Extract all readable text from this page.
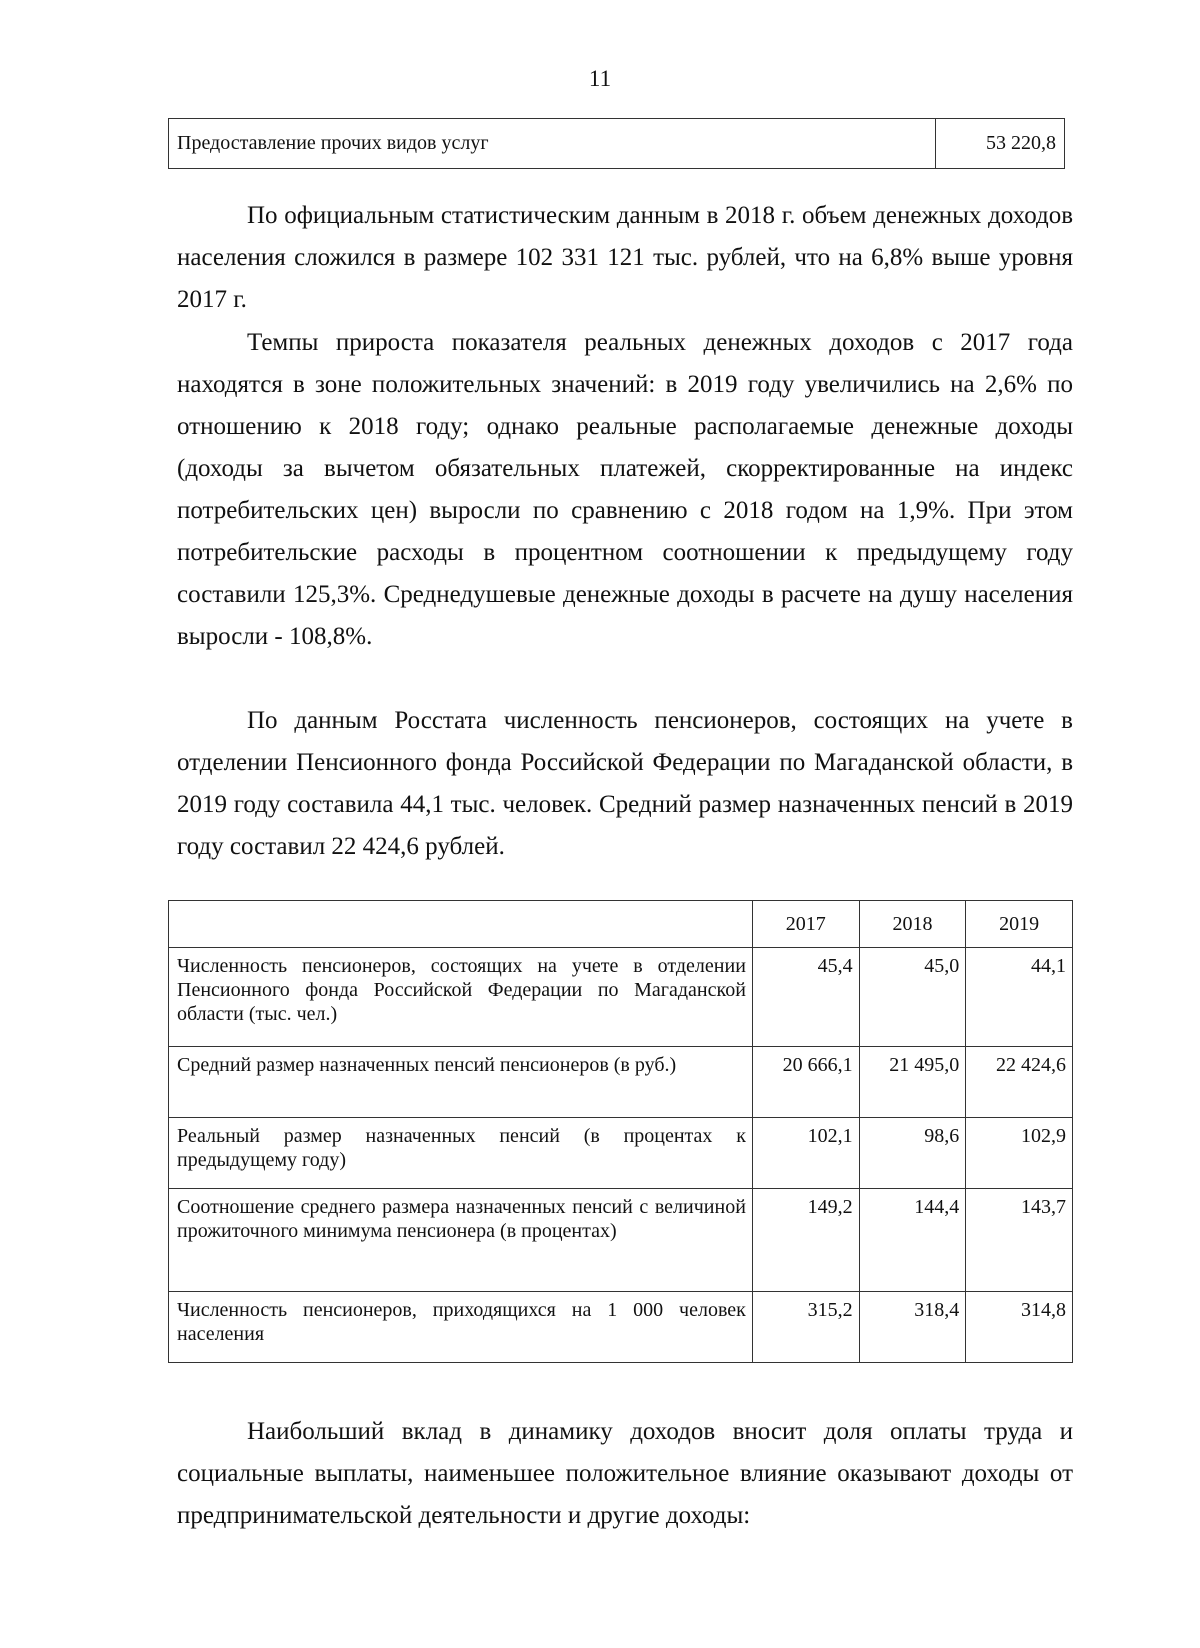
11
Предоставление прочих видов услуг	53 220,8

По официальным статистическим данным в 2018 г. объем денежных доходов населения сложился в размере 102 331 121 тыс. рублей, что на 6,8% выше уровня 2017 г.

Темпы прироста показателя реальных денежных доходов с 2017 года находятся в зоне положительных значений: в 2019 году увеличились на 2,6% по отношению к 2018 году; однако реальные располагаемые денежные доходы (доходы за вычетом обязательных платежей, скорректированные на индекс потребительских цен) выросли по сравнению с 2018 годом на 1,9%. При этом потребительские расходы в процентном соотношении к предыдущему году составили 125,3%. Среднедушевые денежные доходы в расчете на душу населения выросли - 108,8%.

По данным Росстата численность пенсионеров, состоящих на учете в отделении Пенсионного фонда Российской Федерации по Магаданской области, в 2019 году составила 44,1 тыс. человек. Средний размер назначенных пенсий в 2019 году составил 22 424,6 рублей.

	2017	2018	2019
Численность пенсионеров, состоящих на учете в отделении Пенсионного фонда Российской Федерации по Магаданской области (тыс. чел.)	45,4	45,0	44,1
Средний размер назначенных пенсий пенсионеров (в руб.)	20 666,1	21 495,0	22 424,6
Реальный размер назначенных пенсий (в процентах к предыдущему году)	102,1	98,6	102,9
Соотношение среднего размера назначенных пенсий с величиной прожиточного минимума пенсионера (в процентах)	149,2	144,4	143,7
Численность пенсионеров, приходящихся на 1 000 человек населения	315,2	318,4	314,8

Наибольший вклад в динамику доходов вносит доля оплаты труда и социальные выплаты, наименьшее положительное влияние оказывают доходы от предпринимательской деятельности и другие доходы:
